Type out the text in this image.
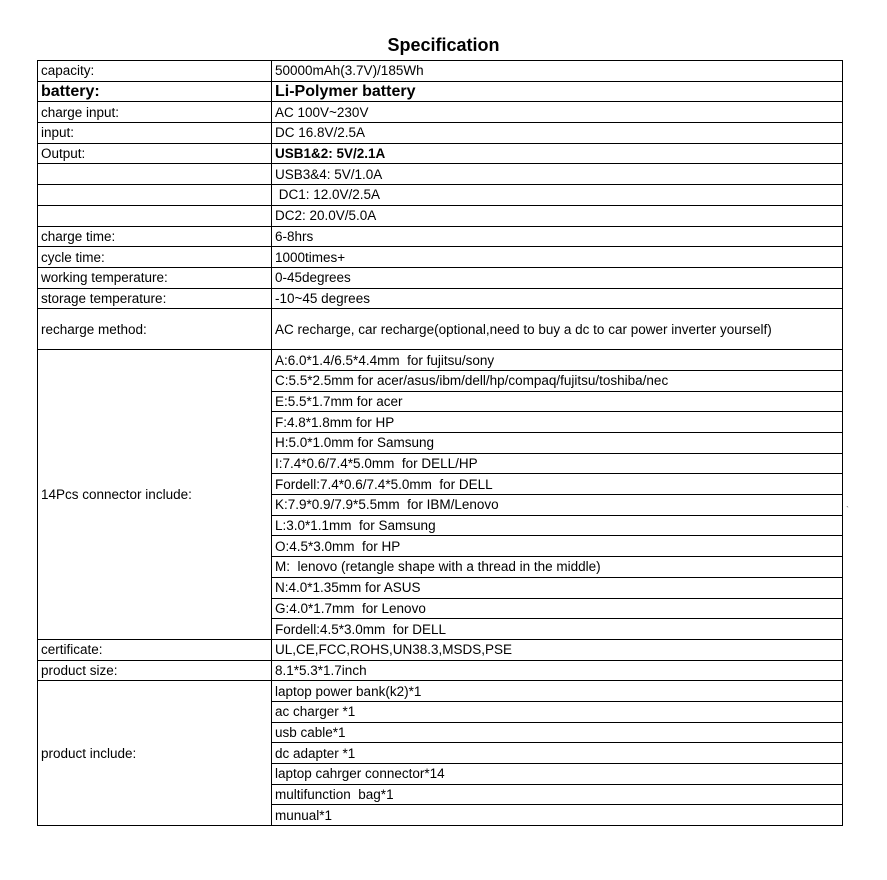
Specification
capacity:	50000mAh(3.7V)/185Wh
battery:	Li-Polymer battery
charge input:	AC 100V~230V
input:	DC 16.8V/2.5A
Output:	USB1&2: 5V/2.1A
	USB3&4: 5V/1.0A
	DC1: 12.0V/2.5A
	DC2: 20.0V/5.0A
charge time:	6-8hrs
cycle time:	1000times+
working temperature:	0-45degrees
storage temperature:	-10~45 degrees
recharge method:	AC recharge, car recharge(optional,need to buy a dc to car power inverter yourself)
14Pcs connector include:	A:6.0*1.4/6.5*4.4mm  for fujitsu/sony
	C:5.5*2.5mm for acer/asus/ibm/dell/hp/compaq/fujitsu/toshiba/nec
	E:5.5*1.7mm for acer
	F:4.8*1.8mm for HP
	H:5.0*1.0mm for Samsung
	I:7.4*0.6/7.4*5.0mm  for DELL/HP
	Fordell:7.4*0.6/7.4*5.0mm  for DELL
	K:7.9*0.9/7.9*5.5mm  for IBM/Lenovo
	L:3.0*1.1mm  for Samsung
	O:4.5*3.0mm  for HP
	M:  lenovo (retangle shape with a thread in the middle)
	N:4.0*1.35mm for ASUS
	G:4.0*1.7mm  for Lenovo
	Fordell:4.5*3.0mm  for DELL
certificate:	UL,CE,FCC,ROHS,UN38.3,MSDS,PSE
product size:	8.1*5.3*1.7inch
product include:	laptop power bank(k2)*1
	ac charger *1
	usb cable*1
	dc adapter *1
	laptop cahrger connector*14
	multifunction  bag*1
	munual*1
`
